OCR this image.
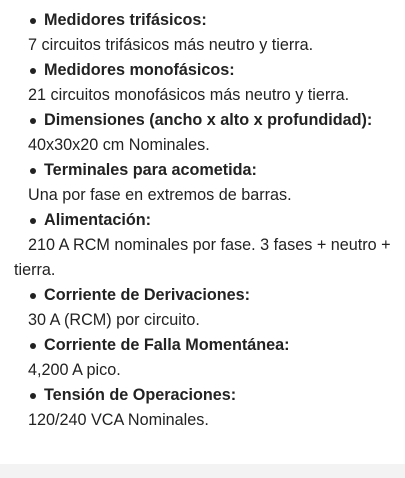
Medidores trifásicos:

7 circuitos trifásicos más neutro y tierra.

Medidores monofásicos:

21 circuitos monofásicos más neutro y tierra.

Dimensiones (ancho x alto x profundidad):

40x30x20 cm Nominales.

Terminales para acometida:

Una por fase en extremos de barras.

Alimentación:

210 A RCM nominales por fase. 3 fases + neutro + tierra.

Corriente de Derivaciones:

30 A (RCM) por circuito.

Corriente de Falla Momentánea:

4,200 A pico.

Tensión de Operaciones:

120/240 VCA Nominales.
